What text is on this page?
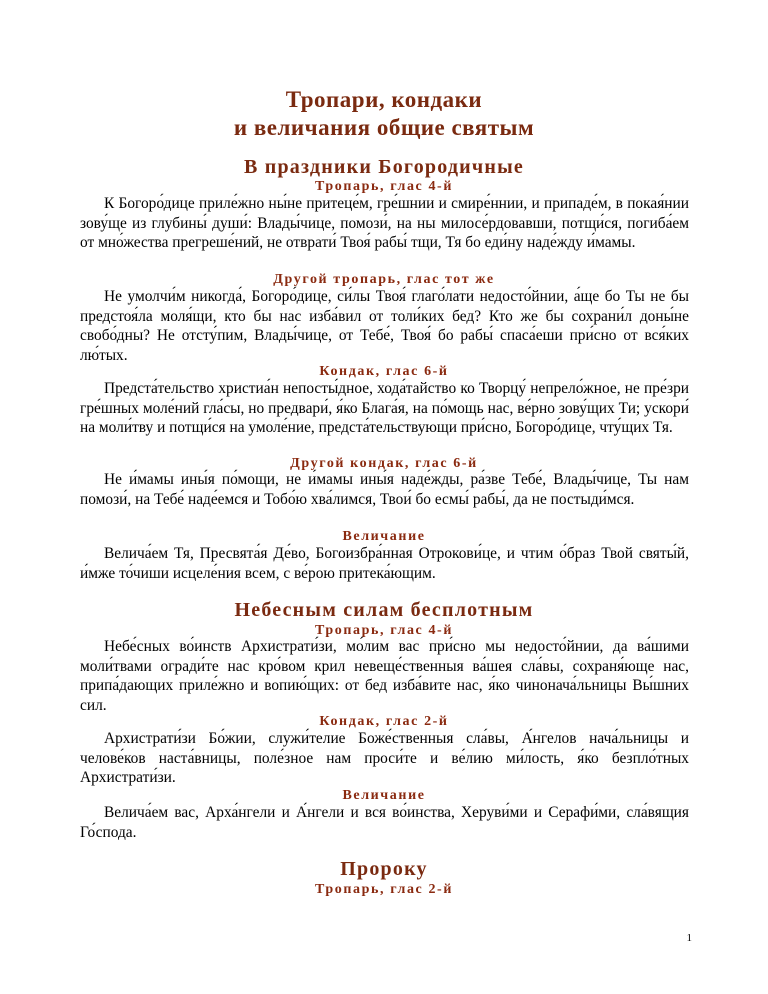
Тропари, кондаки
и величания общие святым
В праздники Богородичные
Тропарь, глас 4-й
К Богоро́дице приле́жно ны́не притеце́м, гре́шнии и смире́ннии, и припаде́м, в покая́нии зову́ще из глубины́ души́: Влады́чице, помози́, на ны милосе́рдовавши, потщи́ся, погиба́ем от мно́жества прегреше́ний, не отврати́ Твоя́ рабы́ тщи, Тя бо еди́ну наде́жду и́мамы.
Другой тропарь, глас тот же
Не умолчи́м никогда́, Богоро́дице, си́лы Твоя́ глаго́лати недосто́йнии, а́ще бо Ты не бы предстоя́ла моля́щи, кто бы нас изба́вил от толи́ких бед? Кто же бы сохрани́л доны́не свобо́дны? Не отсту́пим, Влады́чице, от Тебе́, Твоя́ бо рабы́ спаса́еши при́сно от вся́ких лю́тых.
Кондак, глас 6-й
Предста́тельство христиа́н непосты́дное, хода́тайство ко Творцу́ непрело́жное, не пре́зри гре́шных моле́ний гла́сы, но предвари́, я́ко Блага́я, на по́мощь нас, ве́рно зову́щих Ти; ускори́ на моли́тву и потщи́ся на умоле́ние, предста́тельствующи при́сно, Богоро́дице, чту́щих Тя.
Другой кондак, глас 6-й
Не и́мамы ины́я по́мощи, не и́мамы ины́я наде́жды, ра́зве Тебе́, Влады́чице, Ты нам помози́, на Тебе́ наде́емся и Тобо́ю хва́лимся, Твои́ бо есмы́ рабы́, да не постыди́мся.
Величание
Велича́ем Тя, Пресвята́я Де́во, Богоизбра́нная Отрокови́це, и чтим о́браз Твой святы́й, и́мже то́чиши исцеле́ния всем, с ве́рою притека́ющим.
Небесным силам бесплотным
Тропарь, глас 4-й
Небе́сных во́инств Архистрати́зи, мо́лим вас при́сно мы недосто́йнии, да ва́шими моли́твами огради́те нас кро́вом крил невеще́ственныя ва́шея сла́вы, сохраня́юще нас, припа́дающих приле́жно и вопию́щих: от бед изба́вите нас, я́ко чинонача́льницы Вы́шних сил.
Кондак, глас 2-й
Архистрати́зи Бо́жии, служи́телие Боже́ственныя сла́вы, А́нгелов нача́льницы и челове́ков наста́вницы, поле́зное нам проси́те и ве́лию ми́лость, я́ко безпло́тных Архистрати́зи.
Величание
Велича́ем вас, Арха́нгели и А́нгели и вся во́инства, Херуви́ми и Серафи́ми, сла́вящия Го́спода.
Пророку
Тропарь, глас 2-й
1
